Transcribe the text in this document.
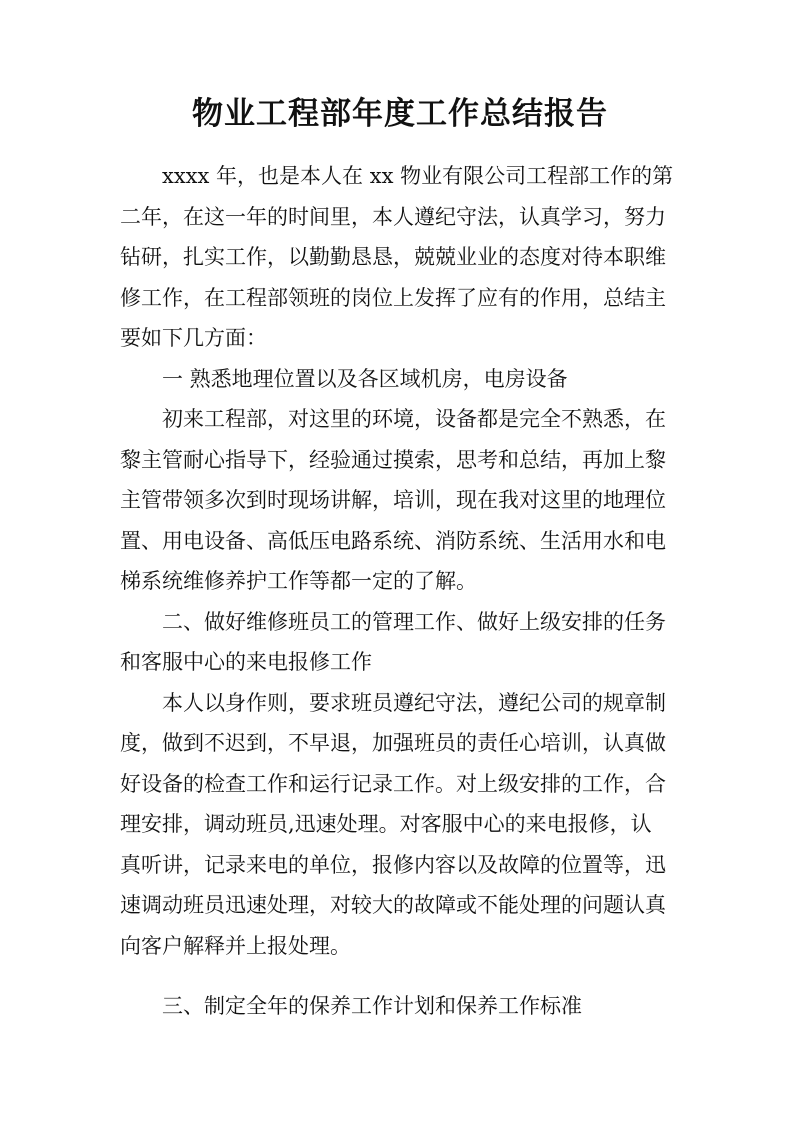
物业工程部年度工作总结报告
xxxx 年，也是本人在 xx 物业有限公司工程部工作的第
二年，在这一年的时间里，本人遵纪守法，认真学习，努力
钻研，扎实工作，以勤勤恳恳，兢兢业业的态度对待本职维
修工作，在工程部领班的岗位上发挥了应有的作用，总结主
要如下几方面：
一 熟悉地理位置以及各区域机房，电房设备
初来工程部，对这里的环境，设备都是完全不熟悉，在
黎主管耐心指导下，经验通过摸索，思考和总结，再加上黎
主管带领多次到时现场讲解，培训，现在我对这里的地理位
置、用电设备、高低压电路系统、消防系统、生活用水和电
梯系统维修养护工作等都一定的了解。
二、做好维修班员工的管理工作、做好上级安排的任务
和客服中心的来电报修工作
本人以身作则，要求班员遵纪守法，遵纪公司的规章制
度，做到不迟到，不早退，加强班员的责任心培训，认真做
好设备的检查工作和运行记录工作。对上级安排的工作，合
理安排，调动班员,迅速处理。对客服中心的来电报修，认
真听讲，记录来电的单位，报修内容以及故障的位置等，迅
速调动班员迅速处理，对较大的故障或不能处理的问题认真
向客户解释并上报处理。
三、制定全年的保养工作计划和保养工作标准
